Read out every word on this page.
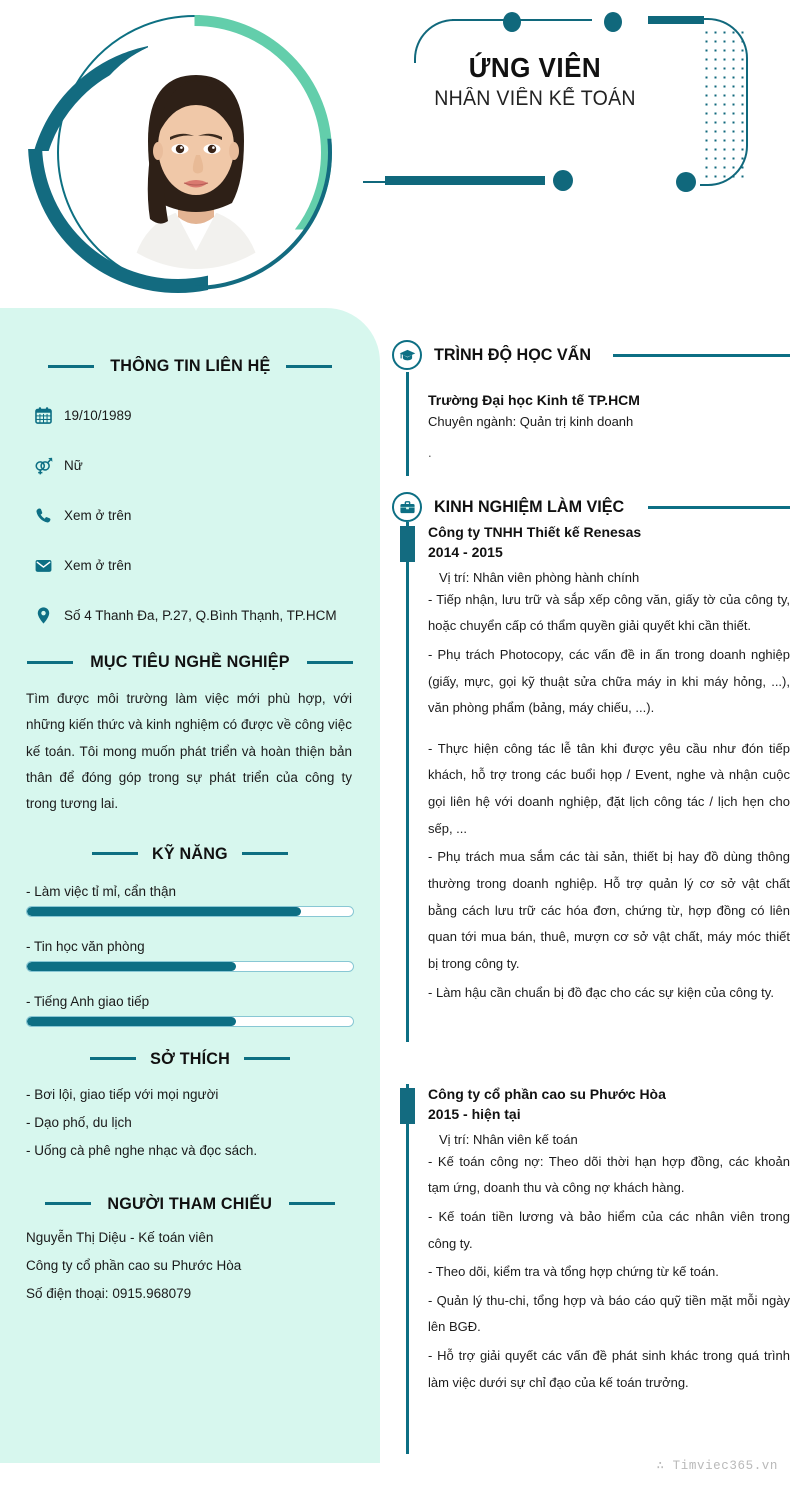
ỨNG VIÊN
NHÂN VIÊN KẾ TOÁN
THÔNG TIN LIÊN HỆ
19/10/1989
Nữ
Xem ở trên
Xem ở trên
Số 4 Thanh Đa, P.27, Q.Bình Thạnh, TP.HCM
MỤC TIÊU NGHỀ NGHIỆP
Tìm được môi trường làm việc mới phù hợp, với những kiến thức và kinh nghiệm có được về công việc kế toán. Tôi mong muốn phát triển và hoàn thiện bản thân để đóng góp trong sự phát triển của công ty trong tương lai.
KỸ NĂNG
- Làm việc tỉ mỉ, cẩn thận
- Tin học văn phòng
- Tiếng Anh giao tiếp
SỞ THÍCH
- Bơi lội, giao tiếp với mọi người
- Dạo phố, du lịch
- Uống cà phê nghe nhạc và đọc sách.
NGƯỜI THAM CHIẾU
Nguyễn Thị Diệu - Kế toán viên
Công ty cổ phần cao su Phước Hòa
Số điện thoại: 0915.968079
TRÌNH ĐỘ HỌC VẤN
Trường Đại học Kinh tế TP.HCM
Chuyên ngành: Quản trị kinh doanh
.
KINH NGHIỆM LÀM VIỆC
Công ty TNHH Thiết kế Renesas
2014 - 2015
Vị trí: Nhân viên phòng hành chính
- Tiếp nhận, lưu trữ và sắp xếp công văn, giấy tờ của công ty, hoặc chuyển cấp có thẩm quyền giải quyết khi cần thiết.
- Phụ trách Photocopy, các vấn đề in ấn trong doanh nghiệp (giấy, mực, gọi kỹ thuật sửa chữa máy in khi máy hỏng, ...), văn phòng phẩm (bảng, máy chiếu, ...).
- Thực hiện công tác lễ tân khi được yêu cầu như đón tiếp khách, hỗ trợ trong các buổi họp / Event, nghe và nhận cuộc gọi liên hệ với doanh nghiệp, đặt lịch công tác / lịch hẹn cho sếp, ...
- Phụ trách mua sắm các tài sản, thiết bị hay đồ dùng thông thường trong doanh nghiệp. Hỗ trợ quản lý cơ sở vật chất bằng cách lưu trữ các hóa đơn, chứng từ, hợp đồng có liên quan tới mua bán, thuê, mượn cơ sở vật chất, máy móc thiết bị trong công ty.
- Làm hậu cần chuẩn bị đồ đạc cho các sự kiện của công ty.
Công ty cổ phần cao su Phước Hòa
2015 - hiện tại
Vị trí: Nhân viên kế toán
- Kế toán công nợ: Theo dõi thời hạn hợp đồng, các khoản tạm ứng, doanh thu và công nợ khách hàng.
- Kế toán tiền lương và bảo hiểm của các nhân viên trong công ty.
- Theo dõi, kiểm tra và tổng hợp chứng từ kế toán.
- Quản lý thu-chi, tổng hợp và báo cáo quỹ tiền mặt mỗi ngày lên BGĐ.
- Hỗ trợ giải quyết các vấn đề phát sinh khác trong quá trình làm việc dưới sự chỉ đạo của kế toán trưởng.
∴ Timviec365.vn
